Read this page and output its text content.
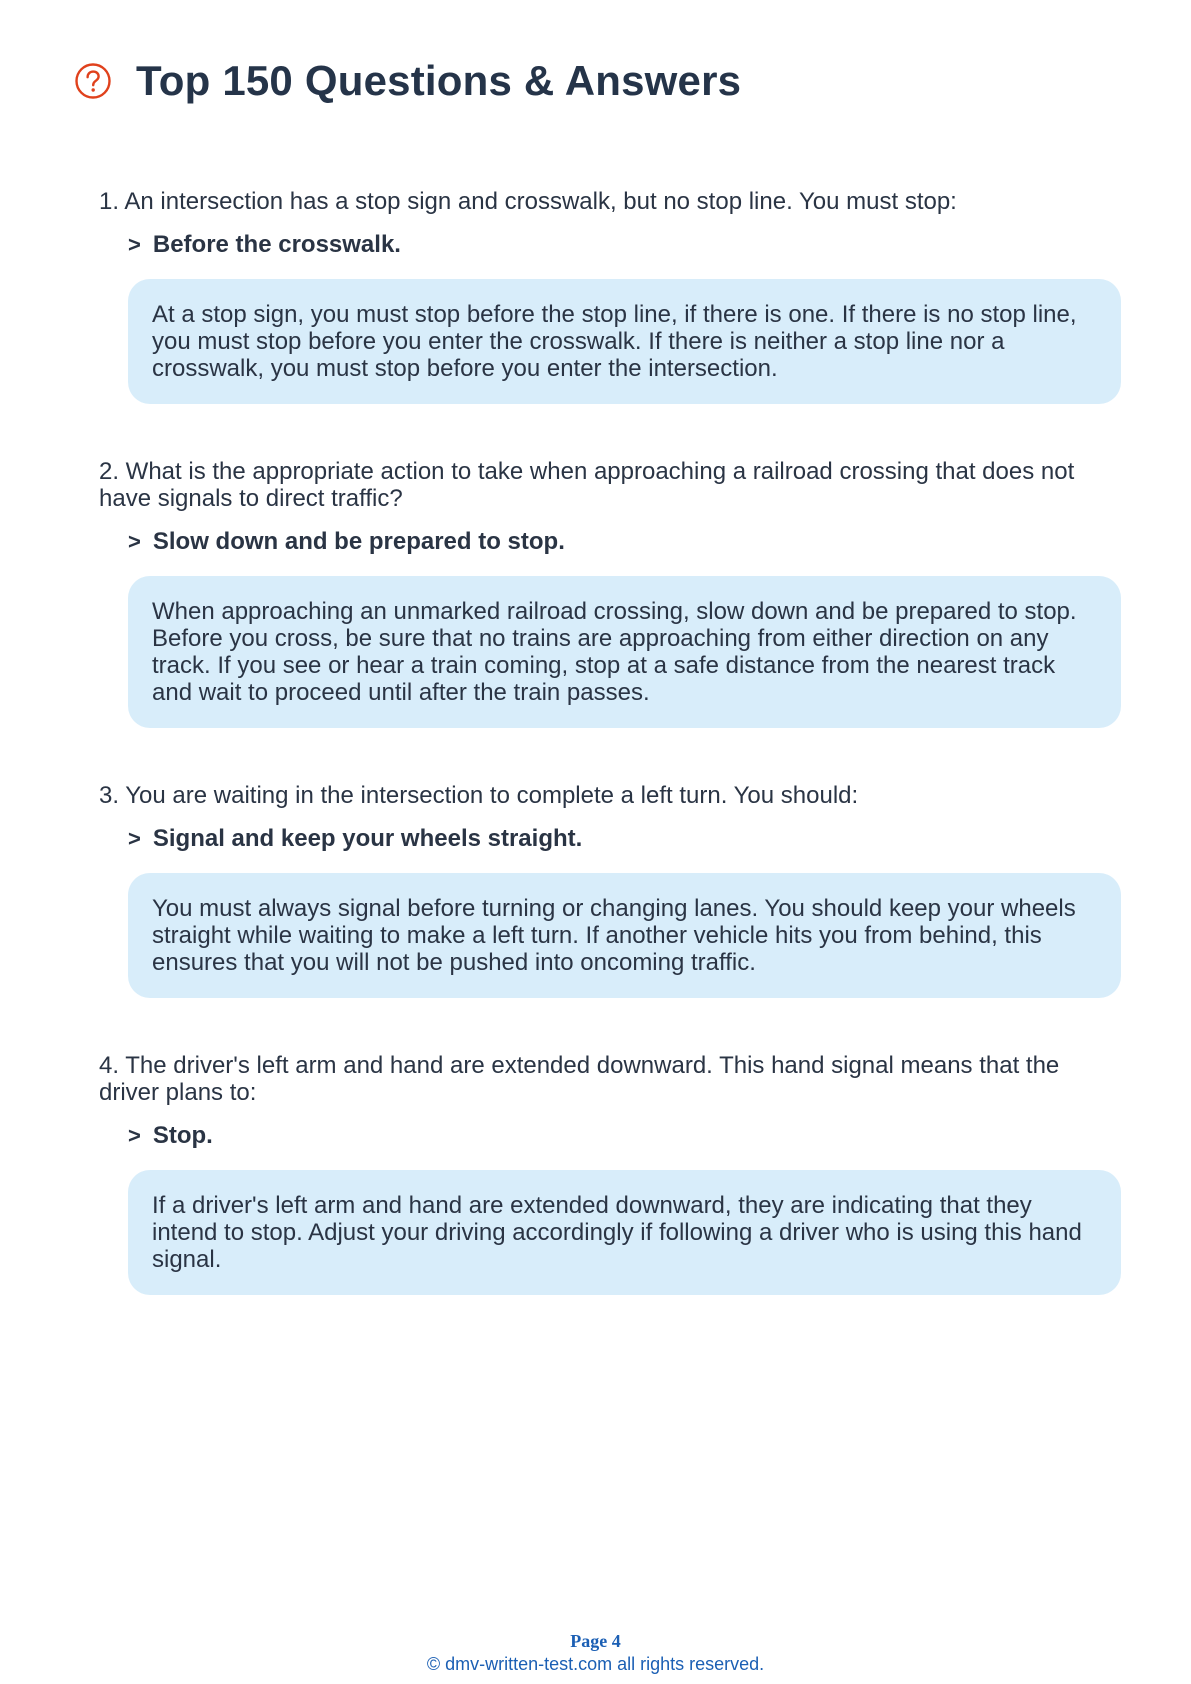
Top 150 Questions & Answers

1. An intersection has a stop sign and crosswalk, but no stop line. You must stop:

> Before the crosswalk.
At a stop sign, you must stop before the stop line, if there is one. If there is no stop line, you must stop before you enter the crosswalk. If there is neither a stop line nor a crosswalk, you must stop before you enter the intersection.

2. What is the appropriate action to take when approaching a railroad crossing that does not have signals to direct traffic?

> Slow down and be prepared to stop.
When approaching an unmarked railroad crossing, slow down and be prepared to stop. Before you cross, be sure that no trains are approaching from either direction on any track. If you see or hear a train coming, stop at a safe distance from the nearest track and wait to proceed until after the train passes.

3. You are waiting in the intersection to complete a left turn. You should:

> Signal and keep your wheels straight.
You must always signal before turning or changing lanes. You should keep your wheels straight while waiting to make a left turn. If another vehicle hits you from behind, this ensures that you will not be pushed into oncoming traffic.

4. The driver's left arm and hand are extended downward. This hand signal means that the driver plans to:

> Stop.
If a driver's left arm and hand are extended downward, they are indicating that they intend to stop. Adjust your driving accordingly if following a driver who is using this hand signal.
Page 4
© dmv-written-test.com all rights reserved.
